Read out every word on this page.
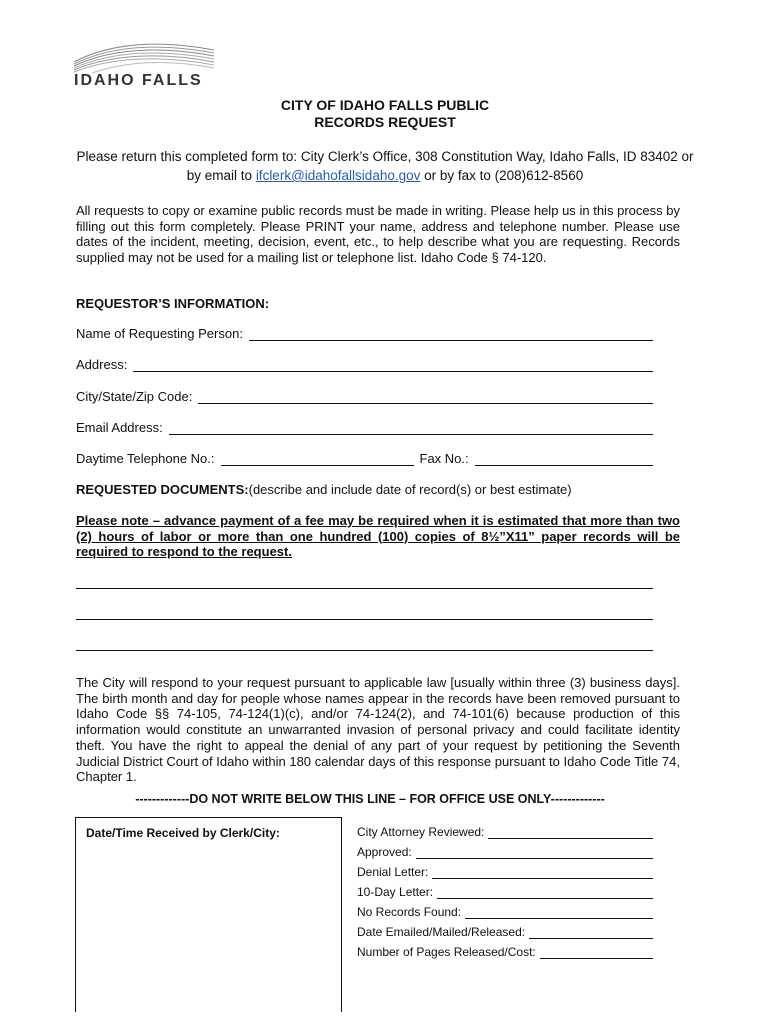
IDAHO FALLS
CITY OF IDAHO FALLS PUBLIC
RECORDS REQUEST
Please return this completed form to: City Clerk’s Office, 308 Constitution Way, Idaho Falls, ID 83402 or
by email to ifclerk@idahofallsidaho.gov or by fax to (208)612-8560
All requests to copy or examine public records must be made in writing. Please help us in this process by filling out this form completely. Please PRINT your name, address and telephone number. Please use dates of the incident, meeting, decision, event, etc., to help describe what you are requesting. Records supplied may not be used for a mailing list or telephone list. Idaho Code § 74-120.
REQUESTOR’S INFORMATION:
Name of Requesting Person:
Address:
City/State/Zip Code:
Email Address:
Daytime Telephone No.:	Fax No.:
REQUESTED DOCUMENTS: (describe and include date of record(s) or best estimate)
Please note – advance payment of a fee may be required when it is estimated that more than two (2) hours of labor or more than one hundred (100) copies of 8½”X11” paper records will be required to respond to the request.
The City will respond to your request pursuant to applicable law [usually within three (3) business days]. The birth month and day for people whose names appear in the records have been removed pursuant to Idaho Code §§ 74-105, 74-124(1)(c), and/or 74-124(2), and 74-101(6) because production of this information would constitute an unwarranted invasion of personal privacy and could facilitate identity theft. You have the right to appeal the denial of any part of your request by petitioning the Seventh Judicial District Court of Idaho within 180 calendar days of this response pursuant to Idaho Code Title 74, Chapter 1.
-------------DO NOT WRITE BELOW THIS LINE – FOR OFFICE USE ONLY-------------
Date/Time Received by Clerk/City:	City Attorney Reviewed:
Approved:
Denial Letter:
10-Day Letter:
No Records Found:
Date Emailed/Mailed/Released:
Number of Pages Released/Cost:
